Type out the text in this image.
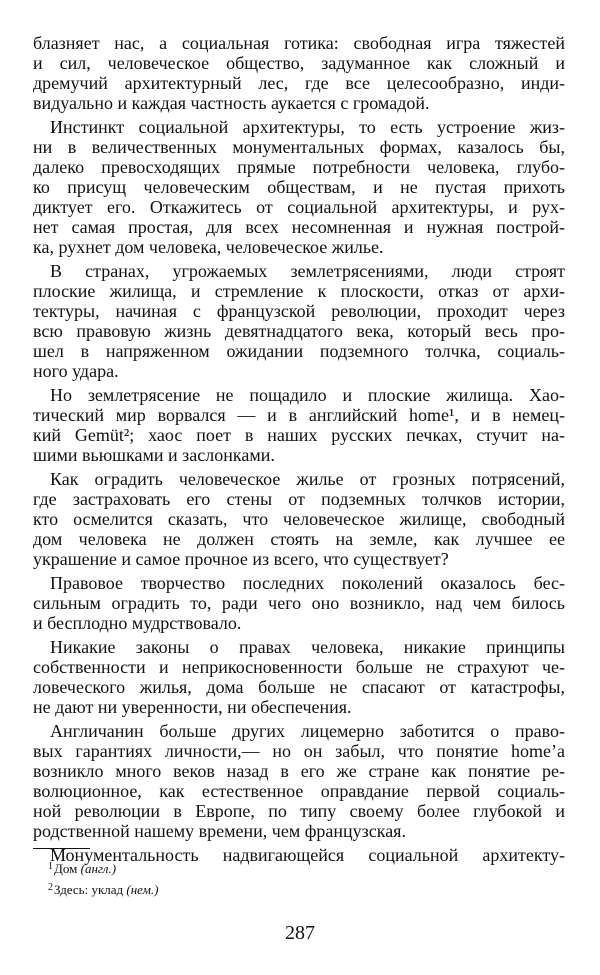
блазняет нас, а социальная готика: свободная игра тяжестей
и сил, человеческое общество, задуманное как сложный и
дремучий архитектурный лес, где все целесообразно, инди-
видуально и каждая частность аукается с громадой.
Инстинкт социальной архитектуры, то есть устроение жиз-
ни в величественных монументальных формах, казалось бы,
далеко превосходящих прямые потребности человека, глубо-
ко присущ человеческим обществам, и не пустая прихоть
диктует его. Откажитесь от социальной архитектуры, и рух-
нет самая простая, для всех несомненная и нужная построй-
ка, рухнет дом человека, человеческое жилье.
В странах, угрожаемых землетрясениями, люди строят
плоские жилища, и стремление к плоскости, отказ от архи-
тектуры, начиная с французской революции, проходит через
всю правовую жизнь девятнадцатого века, который весь про-
шел в напряженном ожидании подземного толчка, социаль-
ного удара.
Но землетрясение не пощадило и плоские жилища. Хао-
тический мир ворвался — и в английский home¹, и в немец-
кий Gemüt²; хаос поет в наших русских печках, стучит на-
шими вьюшками и заслонками.
Как оградить человеческое жилье от грозных потрясений,
где застраховать его стены от подземных толчков истории,
кто осмелится сказать, что человеческое жилище, свободный
дом человека не должен стоять на земле, как лучшее ее
украшение и самое прочное из всего, что существует?
Правовое творчество последних поколений оказалось бес-
сильным оградить то, ради чего оно возникло, над чем билось
и бесплодно мудрствовало.
Никакие законы о правах человека, никакие принципы
собственности и неприкосновенности больше не страхуют че-
ловеческого жилья, дома больше не спасают от катастрофы,
не дают ни уверенности, ни обеспечения.
Англичанин больше других лицемерно заботится о право-
вых гарантиях личности,— но он забыл, что понятие home’а
возникло много веков назад в его же стране как понятие ре-
волюционное, как естественное оправдание первой социаль-
ной революции в Европе, по типу своему более глубокой и
родственной нашему времени, чем французская.
Монументальность надвигающейся социальной архитекту-
$^1$Дом (англ.)
$^2$Здесь: уклад (нем.)
287
